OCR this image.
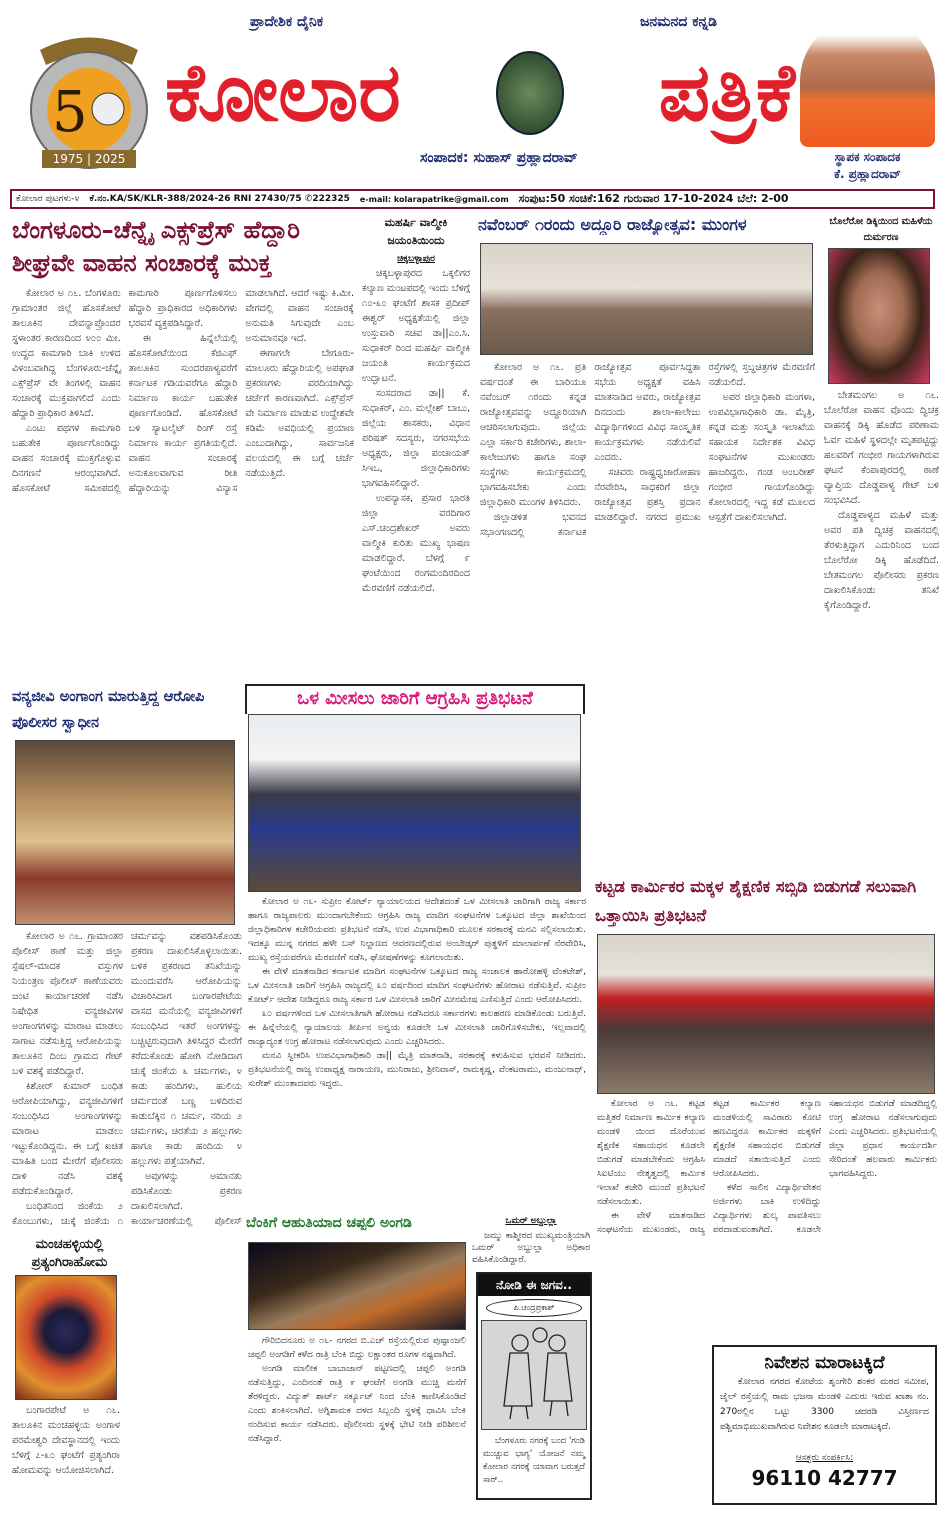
5
1975 | 2025
ಪ್ರಾದೇಶಿಕ ದೈನಿಕ	ಜನಮನದ ಕನ್ನಡಿ
ಕೋಲಾರ	ಪತ್ರಿಕೆ
ಸಂಪಾದಕ: ಸುಹಾಸ್ ಪ್ರಹ್ಲಾದರಾವ್	ಸ್ಥಾಪಕ ಸಂಪಾದಕ
ಕೆ. ಪ್ರಹ್ಲಾದರಾವ್
ಕೋಲಾರ ಪುಟಗಳು-೪ ಕೆ.ನಂ.KA/SK/KLR-388/2024-26 RNI 27430/75 ✆222325 e-mail: kolarapatrike@gmail.com ಸಂಪುಟ:50 ಸಂಚಿಕೆ:162 ಗುರುವಾರ 17-10-2024 ಬೆಲೆ: 2-00
ಬೆಂಗಳೂರು–ಚೆನ್ನೈ ಎಕ್ಸ್‌ಪ್ರೆಸ್ ಹೆದ್ದಾರಿ ಶೀಘ್ರವೇ ವಾಹನ ಸಂಚಾರಕ್ಕೆ ಮುಕ್ತ

ಕೋಲಾರ ಅ ೧೬. ಬೆಂಗಳೂರು ಗ್ರಾಮಾಂತರ ಜಿಲ್ಲೆ ಹೊಸಕೋಟೆ ತಾಲೂಕಿನ ದೇವನ್ನಾಪ್ರೊಂದರ ಸ್ಥಳಾಂತರ ಕಾರಣದಿಂದ ೪೦೦ ಮೀ. ಉದ್ದದ ಕಾಮಗಾರಿ ಬಾಕಿ ಉಳಿದ ವಿಳಂಬವಾಗಿದ್ದ ಬೆಂಗಳೂರು-ಚೆನ್ನೈ ಎಕ್ಸ್‌ಪ್ರೆಸ್ ವೇ ತಿಂಗಳಲ್ಲಿ ವಾಹನ ಸಂಚಾರಕ್ಕೆ ಮುಕ್ತವಾಗಲಿದೆ ಎಂದು ಹೆದ್ದಾರಿ ಪ್ರಾಧಿಕಾರ ತಿಳಿಸಿದೆ.

ಎಂಟು ಪಥಗಳ ಕಾಮಗಾರಿ ಬಹುತೇಕ ಪೂರ್ಣಗೊಂಡಿದ್ದು ವಾಹನ ಸಂಚಾರಕ್ಕೆ ಮುಕ್ತಗೊಳ್ಳುವ ದಿನಗಣನೆ ಆರಂಭವಾಗಿದೆ. ಹೊಸಕೋಟೆ ಸಮೀಪದಲ್ಲಿ ಕಾಮಗಾರಿ ಪೂರ್ಣಗೊಳಿಸಲು ಹೆದ್ದಾರಿ ಪ್ರಾಧಿಕಾರದ ಅಧಿಕಾರಿಗಳು ಭರವಸೆ ವ್ಯಕ್ತಪಡಿಸಿದ್ದಾರೆ.

ಈ ಹಿನ್ನೆಲೆಯಲ್ಲಿ ಹೊಸಕೋಟೆಯಿಂದ ಕೆಜಿಎಫ್ ತಾಲೂಕಿನ ಸುಂದರಪಾಳ್ಯವರೆಗೆ ಕರ್ನಾಟಕ ಗಡಿಯವರೆಗೂ ಹೆದ್ದಾರಿ ನಿರ್ಮಾಣ ಕಾರ್ಯ ಬಹುತೇಕ ಪೂರ್ಣಗೊಂಡಿದೆ. ಹೊಸಕೋಟೆ ಬಳಿ ಸ್ಯಾಟಲೈಟ್ ರಿಂಗ್ ರಸ್ತೆ ನಿರ್ಮಾಣ ಕಾರ್ಯ ಪ್ರಗತಿಯಲ್ಲಿದೆ. ವಾಹನ ಸಂಚಾರಕ್ಕೆ ಅನುಕೂಲವಾಗುವ ರೀತಿ ಹೆದ್ದಾರಿಯನ್ನು ವಿನ್ಯಾಸ ಮಾಡಲಾಗಿದೆ. ಆದರೆ ಇಷ್ಟು ಕಿ.ಮೀ. ವೇಗದಲ್ಲಿ ವಾಹನ ಸಂಚಾರಕ್ಕೆ ಅನುಮತಿ ಸಿಗುವುದೇ ಎಂಬ ಅನುಮಾನವೂ ಇದೆ.

ಈಗಾಗಲೇ ಬೇಗೂರು-ಮಾಲೂರು ಹೆದ್ದಾರಿಯಲ್ಲಿ ಅಪಘಾತ ಪ್ರಕರಣಗಳು ವರದಿಯಾಗಿದ್ದು ಚರ್ಚೆಗೆ ಕಾರಣವಾಗಿದೆ. ಎಕ್ಸ್‌ಪ್ರೆಸ್ ವೇ ನಿರ್ಮಾಣ ಮಾಡುವ ಉದ್ದೇಶವೇ ಕಡಿಮೆ ಅವಧಿಯಲ್ಲಿ ಪ್ರಯಾಣ ಎಂಬುದಾಗಿದ್ದು, ಸಾರ್ವಜನಿಕ ವಲಯದಲ್ಲಿ ಈ ಬಗ್ಗೆ ಚರ್ಚೆ ನಡೆಯುತ್ತಿದೆ.

ಮಹರ್ಷಿ ವಾಲ್ಮೀಕಿ ಜಯಂತಿಯಿಂದು
ಚಿಕ್ಕಬಳ್ಳಾಪುರ

ಚಿಕ್ಕಬಳ್ಳಾಪುರದ ಒಕ್ಕಲಿಗರ ಕಲ್ಯಾಣ ಮಂಟಪದಲ್ಲಿ ಇಂದು ಬೆಳಿಗ್ಗೆ ೧೦-೩೦ ಘಂಟೆಗೆ ಶಾಸಕ ಪ್ರದೀಪ್ ಈಶ್ವರ್ ಅಧ್ಯಕ್ಷತೆಯಲ್ಲಿ ಜಿಲ್ಲಾ ಉಸ್ತುವಾರಿ ಸಚಿವ ಡಾ||ಎಂ.ಸಿ. ಸುಧಾಕರ್ ರಿಂದ ಮಹರ್ಷಿ ವಾಲ್ಮೀಕಿ ಜಯಂತಿ ಕಾರ್ಯಕ್ರಮದ ಉದ್ಘಾಟನೆ.

ಸಂಸದರಾದ ಡಾ|| ಕೆ. ಸುಧಾಕರ್, ಎಂ. ಮಲ್ಲೇಶ್ ಬಾಬು, ಜಿಲ್ಲೆಯ ಶಾಸಕರು, ವಿಧಾನ ಪರಿಷತ್ ಸದಸ್ಯರು, ನಗರಸಭೆಯ ಅಧ್ಯಕ್ಷರು, ಜಿಲ್ಲಾ ಪಂಚಾಯತ್ ಸಿಇಒ, ಜಿಲ್ಲಾಧಿಕಾರಿಗಳು ಭಾಗವಹಿಸಲಿದ್ದಾರೆ.

ಉಪನ್ಯಾಸಕ, ಪ್ರಸಾರ ಭಾರತಿ ಜಿಲ್ಲಾ ವರದಿಗಾರ ಎಸ್.ಚಂದ್ರಶೇಖರ್ ಅವರು ವಾಲ್ಮೀಕಿ ಕುರಿತು ಮುಖ್ಯ ಭಾಷಣ ಮಾಡಲಿದ್ದಾರೆ. ಬೆಳಗ್ಗೆ ೯ ಘಂಟೆಯಿಂದ ರಂಗಮಂದಿರದಿಂದ ಮೆರವಣಿಗೆ ನಡೆಯಲಿದೆ.

ನವೆಂಬರ್ ೧ರಂದು ಅದ್ದೂರಿ ರಾಜ್ಯೋತ್ಸವ: ಮುಂಗಳ

ಕೋಲಾರ ಅ ೧೬. ಪ್ರತಿ ವರ್ಷದಂತೆ ಈ ಬಾರಿಯೂ ನವೆಂಬರ್ ೧ರಂದು ಕನ್ನಡ ರಾಜ್ಯೋತ್ಸವವನ್ನು ಅದ್ದೂರಿಯಾಗಿ ಆಚರಿಸಲಾಗುವುದು. ಜಿಲ್ಲೆಯ ಎಲ್ಲಾ ಸರ್ಕಾರಿ ಕಚೇರಿಗಳು, ಶಾಲಾ-ಕಾಲೇಜುಗಳು ಹಾಗೂ ಸಂಘ ಸಂಸ್ಥೆಗಳು ಕಾರ್ಯಕ್ರಮದಲ್ಲಿ ಭಾಗವಹಿಸಬೇಕು ಎಂದು ಜಿಲ್ಲಾಧಿಕಾರಿ ಮುಂಗಳ ತಿಳಿಸಿದರು.

ಜಿಲ್ಲಾಡಳಿತ ಭವನದ ಸಭಾಂಗಣದಲ್ಲಿ ಕರ್ನಾಟಕ ರಾಜ್ಯೋತ್ಸವ ಪೂರ್ವಸಿದ್ಧತಾ ಸಭೆಯ ಅಧ್ಯಕ್ಷತೆ ವಹಿಸಿ ಮಾತನಾಡಿದ ಅವರು, ರಾಜ್ಯೋತ್ಸವ ದಿನದಂದು ಶಾಲಾ-ಕಾಲೇಜು ವಿದ್ಯಾರ್ಥಿಗಳಿಂದ ವಿವಿಧ ಸಾಂಸ್ಕೃತಿಕ ಕಾರ್ಯಕ್ರಮಗಳು ನಡೆಯಲಿವೆ ಎಂದರು.

ಸಚಿವರು ರಾಷ್ಟ್ರಧ್ವಜಾರೋಹಣ ನೆರವೇರಿಸಿ, ಸಾಧಕರಿಗೆ ಜಿಲ್ಲಾ ರಾಜ್ಯೋತ್ಸವ ಪ್ರಶಸ್ತಿ ಪ್ರದಾನ ಮಾಡಲಿದ್ದಾರೆ. ನಗರದ ಪ್ರಮುಖ ರಸ್ತೆಗಳಲ್ಲಿ ಸ್ತಬ್ಧಚಿತ್ರಗಳ ಮೆರವಣಿಗೆ ನಡೆಯಲಿದೆ.

ಅಪರ ಜಿಲ್ಲಾಧಿಕಾರಿ ಮಂಗಳಾ, ಉಪವಿಭಾಗಾಧಿಕಾರಿ ಡಾ. ಮೈತ್ರಿ, ಕನ್ನಡ ಮತ್ತು ಸಂಸ್ಕೃತಿ ಇಲಾಖೆಯ ಸಹಾಯಕ ನಿರ್ದೇಶಕ ವಿವಿಧ ಸಂಘಟನೆಗಳ ಮುಖಂಡರು ಹಾಜರಿದ್ದರು. ಗಂಡ ಅಂಬರೀಶ್ ಗಂಭೀರ ಗಾಯಗೊಂಡಿದ್ದು ಕೋಲಾರದಲ್ಲಿ ಇದ್ದ ಕಡೆ ಮೂಲದ ಆಸ್ಪತ್ರೆಗೆ ದಾಖಲಿಸಲಾಗಿದೆ.

ಬೊಲೆರೋ ಡಿಕ್ಕಿಯಿಂದ ಮಹಿಳೆಯ ದುರ್ಮರಣ

ಬೇತಮಂಗಲ ಅ ೧೬. ಬೊಲೆರೋ ವಾಹನ ವೊಂದು ದ್ವಿಚಕ್ರ ವಾಹನಕ್ಕೆ ಡಿಕ್ಕಿ ಹೊಡೆದ ಪರಿಣಾಮ ಓರ್ವ ಮಹಿಳೆ ಸ್ಥಳದಲ್ಲೇ ಮೃತಪಟ್ಟಿದ್ದು ಹಲವರಿಗೆ ಗಂಭೀರ ಗಾಯಗಳಾಗಿರುವ ಘಟನೆ ಕೆಂಪಾಪುರದಲ್ಲಿ ಠಾಣೆ ವ್ಯಾಪ್ತಿಯ ದೊಡ್ಡಪಾಳ್ಯ ಗೇಟ್ ಬಳಿ ಸಂಭವಿಸಿದೆ.

ದೊಡ್ಡಪಾಳ್ಯದ ಮಹಿಳೆ ಮತ್ತು ಅವರ ಪತಿ ದ್ವಿಚಕ್ರ ವಾಹನದಲ್ಲಿ ತೆರಳುತ್ತಿದ್ದಾಗ ಎದುರಿನಿಂದ ಬಂದ ಬೊಲೆರೋ ಡಿಕ್ಕಿ ಹೊಡೆದಿದೆ. ಬೇತಮಂಗಲ ಪೊಲೀಸರು ಪ್ರಕರಣ ದಾಖಲಿಸಿಕೊಂಡು ತನಿಖೆ ಕೈಗೊಂಡಿದ್ದಾರೆ.

ವನ್ಯಜೀವಿ ಅಂಗಾಂಗ ಮಾರುತ್ತಿದ್ದ ಆರೋಪಿ ಪೊಲೀಸರ ಸ್ವಾಧೀನ

ಕೋಲಾರ ಅ ೧೬. ಗ್ರಾಮಾಂತರ ಪೊಲೀಸ್ ಠಾಣೆ ಮತ್ತು ಜಿಲ್ಲಾ ಸ್ಪೆಷಲ್-ಮಾದಕ ವಸ್ತುಗಳ ನಿಯಂತ್ರಣ ಪೊಲೀಸ್ ಠಾಣೆಯವರು ಜಂಟಿ ಕಾರ್ಯಾಚರಣೆ ನಡೆಸಿ ನಿಷೇಧಿತ ವನ್ಯಜೀವಿಗಳ ಅಂಗಾಂಗಗಳನ್ನು ಮಾರಾಟ ಮಾಡಲು ಸಾಗಾಟ ನಡೆಸುತ್ತಿದ್ದ ಆರೋಪಿಯನ್ನು ತಾಲೂಕಿನ ದಿಂಬ ಗ್ರಾಮದ ಗೇಟ್ ಬಳಿ ವಶಕ್ಕೆ ಪಡೆದಿದ್ದಾರೆ.

ಕಿಶೋರ್ ಕುಮಾರ್ ಬಂಧಿತ ಆರೋಪಿಯಾಗಿದ್ದು, ವನ್ಯಜೀವಿಗಳಿಗೆ ಸಂಬಂಧಿಸಿದ ಅಂಗಾಂಗಗಳನ್ನು ಮಾರಾಟ ಮಾಡಲು ಇಟ್ಟುಕೊಂಡಿದ್ದನು. ಈ ಬಗ್ಗೆ ಖಚಿತ ಮಾಹಿತಿ ಬಂದ ಮೇರೆಗೆ ಪೊಲೀಸರು ದಾಳಿ ನಡೆಸಿ ವಶಕ್ಕೆ ಪಡೆದುಕೊಂಡಿದ್ದಾರೆ.

ಬಂಧಿತನಿಂದ ಜಿಂಕೆಯ ೨ ಕೊಂಬುಗಳು, ಚುಕ್ಕೆ ಜಿಂಕೆಯ ೧ ಚರ್ಮವನ್ನು ವಶಪಡಿಸಿಕೊಂಡು ಪ್ರಕರಣ ದಾಖಲಿಸಿಕೊಳ್ಳಲಾಯಿತು. ಬಳಿಕ ಪ್ರಕರಣದ ತನಿಖೆಯನ್ನು ಮುಂದುವರೆಸಿ ಆರೋಪಿಯನ್ನು ವಿಚಾರಿಸಿದಾಗ ಬಂಗಾರಪೇಟೆಯ ವಾಸದ ಮನೆಯಲ್ಲಿ ವನ್ಯಜೀವಿಗಳಿಗೆ ಸಂಬಂಧಿಸಿದ ಇತರೆ ಅಂಗಗಳನ್ನು ಬಚ್ಚಿಟ್ಟಿರುವುದಾಗಿ ತಿಳಿಸಿದ್ದರ ಮೇರೆಗೆ ಕರೆದುಕೊಂಡು ಹೋಗಿ ನೋಡಿದಾಗ ಚುಕ್ಕೆ ಜಿಂಕೆಯ ೩ ಚರ್ಮಗಳು, ೪ ಕಾಡು ಹಂದಿಗಳು, ಹುಲಿಯ ಚರ್ಮದಂತೆ ಬಣ್ಣ ಬಳಿದಿರುವ ಕಾಡುಬೆಕ್ಕಿನ ೧ ಚರ್ಮ, ನರಿಯ ೨ ಚರ್ಮಗಳು, ಚಿರತೆಯ ೨ ಹಲ್ಲುಗಳು ಹಾಗೂ ಕಾಡು ಹಂದಿಯ ೪ ಹಲ್ಲುಗಳು ಪತ್ತೆಯಾಗಿವೆ.

ಅವುಗಳನ್ನು ಅಮಾನತು ಪಡಿಸಿಕೊಂಡು ಪ್ರಕರಣ ದಾಖಲಿಸಲಾಗಿದೆ. ಕಾರ್ಯಾಚರಣೆಯಲ್ಲಿ ಪೊಲೀಸ್

ಮಂಚಹಳ್ಳಿಯಲ್ಲಿ ಪ್ರತ್ಯಂಗಿರಾಹೋಮ

ಬಂಗಾರಪೇಟೆ ಅ ೧೬. ತಾಲೂಕಿನ ಮಂಚಹಳ್ಳಿಯ ಅಂಗಾಳ ಪರಮೇಶ್ವರಿ ದೇವಸ್ಥಾನದಲ್ಲಿ ಇಂದು ಬೆಳಿಗ್ಗೆ ೭-೩೦ ಘಂಟೆಗೆ ಪ್ರತ್ಯಂಗಿರಾ ಹೋಮವನ್ನು ಆಯೋಜಿಸಲಾಗಿದೆ.

ಒಳ ಮೀಸಲು ಜಾರಿಗೆ ಆಗ್ರಹಿಸಿ ಪ್ರತಿಭಟನೆ

ಕೋಲಾರ ಅ ೧೬- ಸುಪ್ರೀಂ ಕೋರ್ಟ್ ನ್ಯಾಯಾಲಯದ ಆದೇಶದಂತೆ ಒಳ ಮೀಸಲಾತಿ ಜಾರಿಗಾಗಿ ರಾಜ್ಯ ಸರ್ಕಾರ ಹಾಗೂ ರಾಜ್ಯಪಾಲರು ಮುಂದಾಗಬೇಕೆಂದು ಆಗ್ರಹಿಸಿ ರಾಜ್ಯ ಮಾದಿಗ ಸಂಘಟನೆಗಳ ಒಕ್ಕೂಟದ ಜಿಲ್ಲಾ ಶಾಖೆಯಿಂದ ಜಿಲ್ಲಾಧಿಕಾರಿಗಳ ಕಚೇರಿಯವರು ಪ್ರತಿಭಟನೆ ನಡೆಸಿ, ಉಪ ವಿಭಾಗಾಧಿಕಾರಿ ಮೂಲಕ ಸರಕಾರಕ್ಕೆ ಮನವಿ ಸಲ್ಲಿಸಲಾಯಿತು. ಇದಕ್ಕೂ ಮುನ್ನ ನಗರದ ಹಳೇ ಬಸ್ ನಿಲ್ದಾಣದ ಆವರಣದಲ್ಲಿರುವ ಅಂಬೇಡ್ಕರ್ ಪುತ್ಥಳಿಗೆ ಮಾಲಾರ್ಪಣೆ ನೆರವೇರಿಸಿ, ಮುಖ್ಯ ರಸ್ತೆಯವರೆಗೂ ಮೆರವಣಿಗೆ ನಡೆಸಿ, ಘೋಷಣೆಗಳನ್ನು ಕೂಗಲಾಯಿತು.

ಈ ವೇಳೆ ಮಾತನಾಡಿದ ಕರ್ನಾಟಕ ಮಾದಿಗ ಸಂಘಟನೆಗಳ ಒಕ್ಕೂಟದ ರಾಜ್ಯ ಸಂಚಾಲಕ ಹಾರೋಹಳ್ಳಿ ವೆಂಕಟೇಶ್, ಒಳ ಮೀಸಲಾತಿ ಜಾರಿಗೆ ಆಗ್ರಹಿಸಿ ರಾಜ್ಯದಲ್ಲಿ ೩೦ ವರ್ಷದಿಂದ ಮಾದಿಗ ಸಂಘಟನೆಗಳು ಹೋರಾಟ ನಡೆಸುತ್ತಿವೆ. ಸುಪ್ರೀಂ ಕೋರ್ಟ್ ಆದೇಶ ನೀಡಿದ್ದರೂ ರಾಜ್ಯ ಸರ್ಕಾರ ಒಳ ಮೀಸಲಾತಿ ಜಾರಿಗೆ ಮೀನಮೇಷ ಎಣಿಸುತ್ತಿದೆ ಎಂದು ಆರೋಪಿಸಿದರು.

೩೦ ವರ್ಷಗಳಿಂದ ಒಳ ಮೀಸಲಾತಿಗಾಗಿ ಹೋರಾಟ ನಡೆಸಿದರೂ ಸರ್ಕಾರಗಳು ಕಾಲಹರಣ ಮಾಡಿಕೊಂಡು ಬರುತ್ತಿವೆ. ಈ ಹಿನ್ನೆಲೆಯಲ್ಲಿ ನ್ಯಾಯಾಲಯ ತೀರ್ಪಿನ ಅನ್ವಯ ಕೂಡಲೇ ಒಳ ಮೀಸಲಾತಿ ಜಾರಿಗೊಳಿಸಬೇಕು, ಇಲ್ಲವಾದಲ್ಲಿ ರಾಜ್ಯಾದ್ಯಂತ ಉಗ್ರ ಹೋರಾಟ ನಡೆಸಲಾಗುವುದು ಎಂದು ಎಚ್ಚರಿಸಿದರು.

ಮನವಿ ಸ್ವೀಕರಿಸಿ ಉಪವಿಭಾಗಾಧಿಕಾರಿ ಡಾ|| ಮೈತ್ರಿ ಮಾತನಾಡಿ, ಸರಕಾರಕ್ಕೆ ಕಳುಹಿಸುವ ಭರವಸೆ ನೀಡಿದರು. ಪ್ರತಿಭಟನೆಯಲ್ಲಿ ರಾಜ್ಯ ಉಪಾಧ್ಯಕ್ಷ ನಾರಾಯಣ, ಮುನಿರಾಜು, ಶ್ರೀನಿವಾಸ್, ರಾಮಕೃಷ್ಣ, ವೆಂಕಟರಾಮು, ಮಂಜುನಾಥ್, ಸುರೇಶ್ ಮುಂತಾದವರು ಇದ್ದರು.

ಬೆಂಕಿಗೆ ಆಹುತಿಯಾದ ಚಪ್ಪಲಿ ಅಂಗಡಿ

ಗೌರಿಬಿದನೂರು ಅ ೧೬- ನಗರದ ಬಿ.ಎಚ್ ರಸ್ತೆಯಲ್ಲಿರುವ ಪುಷ್ಪಾಂಜಲಿ ಚಪ್ಪಲಿ ಅಂಗಡಿಗೆ ಕಳೆದ ರಾತ್ರಿ ಬೆಂಕಿ ಬಿದ್ದು ಲಕ್ಷಾಂತರ ರೂಗಳ ನಷ್ಟವಾಗಿದೆ.

ಅಂಗಡಿ ಮಾಲೀಕ ಬಾಬಾಜಾನ್ ಪಟ್ಟಣದಲ್ಲಿ ಚಪ್ಪಲಿ ಅಂಗಡಿ ನಡೆಸುತ್ತಿದ್ದು, ಎಂದಿನಂತೆ ರಾತ್ರಿ ೯ ಘಂಟೆಗೆ ಅಂಗಡಿ ಮುಚ್ಚಿ ಮನೆಗೆ ತೆರಳಿದ್ದರು. ವಿದ್ಯುತ್ ಶಾರ್ಟ್ ಸರ್ಕ್ಯೂಟ್ ನಿಂದ ಬೆಂಕಿ ಕಾಣಿಸಿಕೊಂಡಿದೆ ಎಂದು ಶಂಕಿಸಲಾಗಿದೆ. ಅಗ್ನಿಶಾಮಕ ದಳದ ಸಿಬ್ಬಂದಿ ಸ್ಥಳಕ್ಕೆ ಧಾವಿಸಿ ಬೆಂಕಿ ನಂದಿಸುವ ಕಾರ್ಯ ನಡೆಸಿದರು. ಪೊಲೀಸರು ಸ್ಥಳಕ್ಕೆ ಭೇಟಿ ನೀಡಿ ಪರಿಶೀಲನೆ ನಡೆಸಿದ್ದಾರೆ.

ಒಮರ್ ಅಬ್ದುಲ್ಲಾ
ಜಮ್ಮು ಕಾಶ್ಮೀರದ ಮುಖ್ಯಮಂತ್ರಿಯಾಗಿ ಒಮರ್ ಅಬ್ದುಲ್ಲಾ ಅಧಿಕಾರ ವಹಿಸಿಕೊಂಡಿದ್ದಾರೆ.
ನೋಡಿ ಈ ಜಗವ..
ಪಿ.ಚಂದ್ರಪ್ರಕಾಶ್
ಬೆಂಗಳೂರು ನಗರಕ್ಕೆ ಬಂದ 'ಗಂಡಿ ಮುಚ್ಚುವ ಭಾಗ್ಯ' ಯೋಜನೆ ನಮ್ಮ ಕೋಲಾರ ನಗರಕ್ಕೆ ಯಾವಾಗ ಬರುತ್ತದೆ ಸಾರ್..
ಕಟ್ಟಡ ಕಾರ್ಮಿಕರ ಮಕ್ಕಳ ಶೈಕ್ಷಣಿಕ ಸಬ್ಸಿಡಿ ಬಿಡುಗಡೆ ಸಲುವಾಗಿ ಒತ್ತಾಯಿಸಿ ಪ್ರತಿಭಟನೆ

ಕೋಲಾರ ಅ ೧೬. ಕಟ್ಟಡ ಮತ್ತಿತರೆ ನಿರ್ಮಾಣ ಕಾರ್ಮಿಕ ಕಲ್ಯಾಣ ಮಂಡಳಿ ಯಿಂದ ದೊರೆಯುವ ಶೈಕ್ಷಣಿಕ ಸಹಾಯಧನ ಕೂಡಲೇ ಬಿಡುಗಡೆ ಮಾಡಬೇಕೆಂದು ಆಗ್ರಹಿಸಿ ಸಿಐಟಿಯು ನೇತೃತ್ವದಲ್ಲಿ ಕಾರ್ಮಿಕ ಇಲಾಖೆ ಕಚೇರಿ ಮುಂದೆ ಪ್ರತಿಭಟನೆ ನಡೆಸಲಾಯಿತು.

ಈ ವೇಳೆ ಮಾತನಾಡಿದ ಸಂಘಟನೆಯ ಮುಖಂಡರು, ರಾಜ್ಯ ಕಟ್ಟಡ ಕಾರ್ಮಿಕರ ಕಲ್ಯಾಣ ಮಂಡಳಿಯಲ್ಲಿ ಸಾವಿರಾರು ಕೋಟಿ ಹಣವಿದ್ದರೂ ಕಾರ್ಮಿಕರ ಮಕ್ಕಳಿಗೆ ಶೈಕ್ಷಣಿಕ ಸಹಾಯಧನ ಬಿಡುಗಡೆ ಮಾಡದೆ ಸತಾಯಿಸುತ್ತಿದೆ ಎಂದು ಆರೋಪಿಸಿದರು.

ಕಳೆದ ಸಾಲಿನ ವಿದ್ಯಾರ್ಥಿವೇತನ ಅರ್ಜಿಗಳು ಬಾಕಿ ಉಳಿದಿದ್ದು ವಿದ್ಯಾರ್ಥಿಗಳು ಶುಲ್ಕ ಪಾವತಿಸಲು ಪರದಾಡುವಂತಾಗಿದೆ. ಕೂಡಲೇ ಸಹಾಯಧನ ಬಿಡುಗಡೆ ಮಾಡದಿದ್ದಲ್ಲಿ ಉಗ್ರ ಹೋರಾಟ ನಡೆಸಲಾಗುವುದು ಎಂದು ಎಚ್ಚರಿಸಿದರು. ಪ್ರತಿಭಟನೆಯಲ್ಲಿ ಜಿಲ್ಲಾ ಪ್ರಧಾನ ಕಾರ್ಯದರ್ಶಿ ಸೇರಿದಂತೆ ಹಲವಾರು ಕಾರ್ಮಿಕರು ಭಾಗವಹಿಸಿದ್ದರು.

ನಿವೇಶನ ಮಾರಾಟಕ್ಕಿದೆ
ಕೋಲಾರ ನಗರದ ಕೋಟೆಯ ಶೃಂಗೇರಿ ಶಂಕರ ಮಠದ ಸಮೀಪ, ಜೈಲ್ ರಸ್ತೆಯಲ್ಲಿ ರಾಮ ಭಜನಾ ಮಂಡಳಿ ಎದುರು ಇರುವ ಖಾತಾ ನಂ. 270ರಲ್ಲಿನ ಒಟ್ಟು 3300 ಚದರಡಿ ವಿಸ್ತೀರ್ಣದ ಪಶ್ಚಿಮಾಭಿಮುಖವಾಗಿರುವ ನಿವೇಶನ ಕೂಡಲೇ ಮಾರಾಟಕ್ಕಿದೆ.
ಆಸಕ್ತರು ಸಂಪರ್ಕಿಸಿ:
96110 42777
